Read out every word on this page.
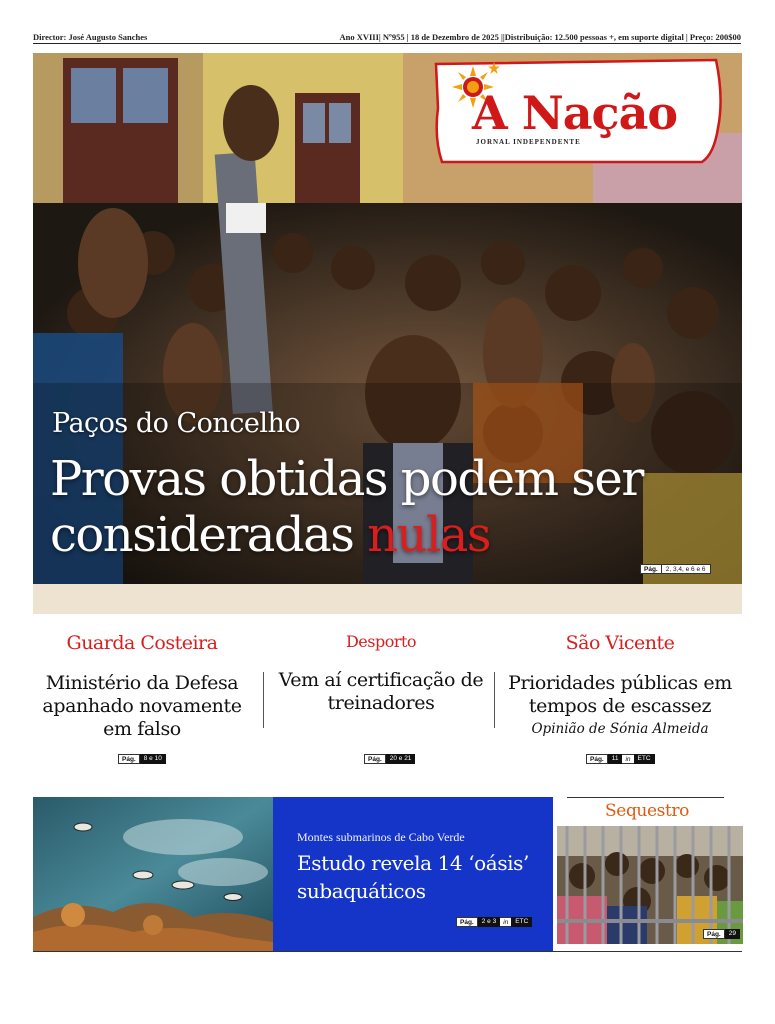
Director: José Augusto Sanches	Ano XVIII| Nº955 | 18 de Dezembro de 2025 ||Distribuição: 12.500 pessoas +, em suporte digital | Preço: 200$00
Paços do Concelho
Provas obtidas podem ser consideradas nulas
Pág.	2, 3,4, e 6 e 6
A Nação
JORNAL INDEPENDENTE
Guarda Costeira
Ministério da Defesa apanhado novamente em falso
Desporto
Vem aí certificação de treinadores
São Vicente
Prioridades públicas em tempos de escassez
Opinião de Sónia Almeida
Pág.	8 e 10	Pág.	20 e 21	Pág.	11	in	ETC
Montes submarinos de Cabo Verde
Estudo revela 14 ‘oásis’ subaquáticos
Pág.	2 e 3	in	ETC
Sequestro
Pág.	29
